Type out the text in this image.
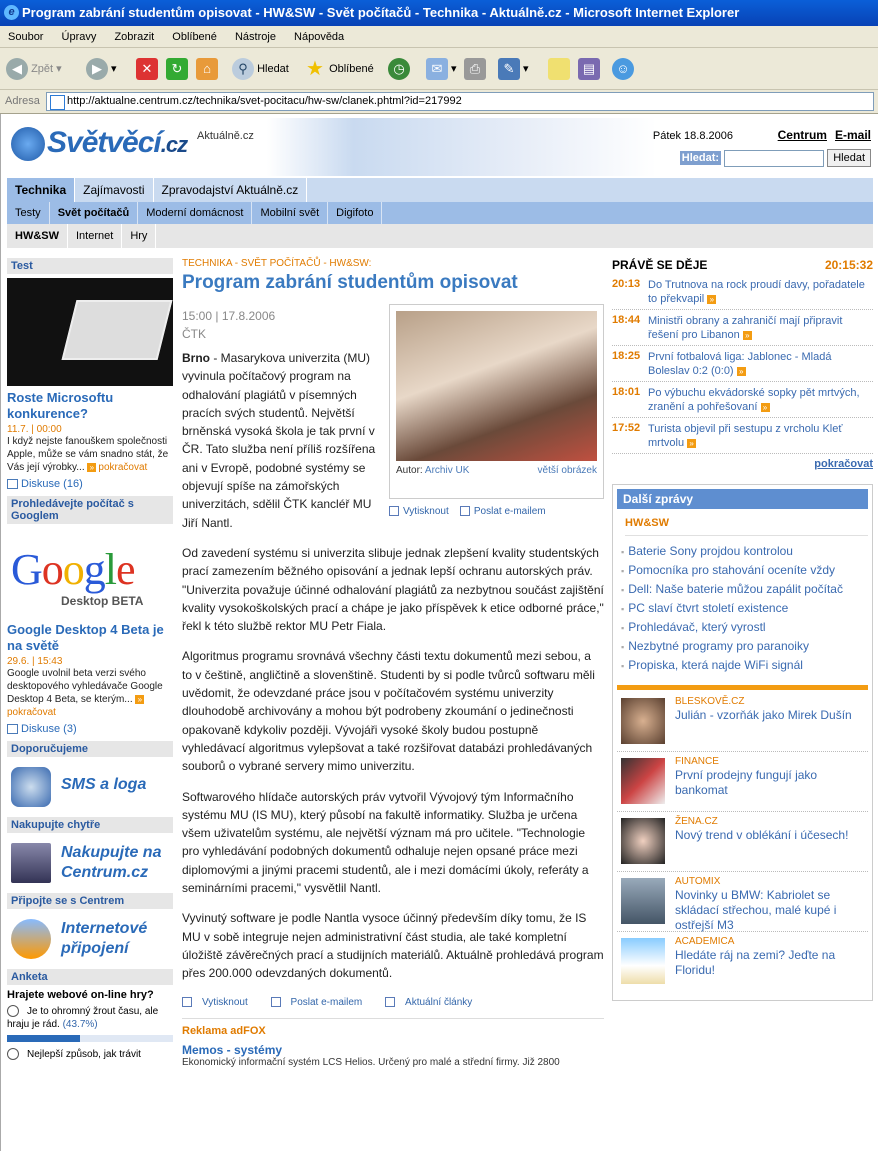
e Program zabrání studentům opisovat - HW&SW - Svět počítačů - Technika - Aktuálně.cz - Microsoft Internet Explorer
Soubor Úpravy Zobrazit Oblíbené Nástroje Nápověda
◀ Zpět ▾	▶ ▾	✕	↻	⌂	⚲ Hledat ★ Oblíbené	◷	✉ ▾	⎙	✎ ▾	▤	☺
Adresa	http://aktualne.centrum.cz/technika/svet-pocitacu/hw-sw/clanek.phtml?id=217992
Světvěcí.cz Aktuálně.cz	Pátek 18.8.2006	Centrum E-mail
Hledat:	Hledat
Technika Zajímavosti Zpravodajství Aktuálně.cz
Testy Svět počítačů Moderní domácnost Mobilní svět Digifoto
HW&SW Internet Hry
Test
Roste Microsoftu konkurence?
11.7. | 00:00
I když nejste fanouškem společnosti Apple, může se vám snadno stát, že Vás její výrobky... » pokračovat
Diskuse (16)
Prohledávejte počítač s Googlem
Google
Desktop BETA
Google Desktop 4 Beta je na světě
29.6. | 15:43
Google uvolnil beta verzi svého desktopového vyhledávače Google Desktop 4 Beta, se kterým... » pokračovat
Diskuse (3)
Doporučujeme
SMS a loga
Nakupujte chytře
Nakupujte na Centrum.cz
Připojte se s Centrem
Internetové připojení
Anketa
Hrajete webové on-line hry?
Je to ohromný žrout času, ale hraju je rád. (43.7%)
Nejlepší způsob, jak trávit
TECHNIKA - SVĚT POČÍTAČŮ - HW&SW:
Program zabrání studentům opisovat
15:00 | 17.8.2006
ČTK
Autor: Archiv UK	větší obrázek
Vytisknout	Poslat e-mailem
Brno - Masarykova univerzita (MU) vyvinula počítačový program na odhalování plagiátů v písemných pracích svých studentů. Největší brněnská vysoká škola je tak první v ČR. Tato služba není příliš rozšířena ani v Evropě, podobné systémy se objevují spíše na zámořských univerzitách, sdělil ČTK kancléř MU Jiří Nantl.
Od zavedení systému si univerzita slibuje jednak zlepšení kvality studentských prací zamezením běžného opisování a jednak lepší ochranu autorských práv. "Univerzita považuje účinné odhalování plagiátů za nezbytnou součást zajištění kvality vysokoškolských prací a chápe je jako příspěvek k etice odborné práce," řekl k této službě rektor MU Petr Fiala.
Algoritmus programu srovnává všechny části textu dokumentů mezi sebou, a to v češtině, angličtině a slovenštině. Studenti by si podle tvůrců softwaru měli uvědomit, že odevzdané práce jsou v počítačovém systému univerzity dlouhodobě archivovány a mohou být podrobeny zkoumání o jedinečnosti opakovaně kdykoliv později. Vývojáři vysoké školy budou postupně vyhledávací algoritmus vylepšovat a také rozšiřovat databázi prohledávaných souborů o vybrané servery mimo univerzitu.
Softwarového hlídače autorských práv vytvořil Vývojový tým Informačního systému MU (IS MU), který působí na fakultě informatiky. Služba je určena všem uživatelům systému, ale největší význam má pro učitele. "Technologie pro vyhledávání podobných dokumentů odhaluje nejen opsané práce mezi diplomovými a jinými pracemi studentů, ale i mezi domácími úkoly, referáty a seminárními pracemi," vysvětlil Nantl.
Vyvinutý software je podle Nantla vysoce účinný především díky tomu, že IS MU v sobě integruje nejen administrativní část studia, ale také kompletní úložiště závěrečných prací a studijních materiálů. Aktuálně prohledává program přes 200.000 odevzdaných dokumentů.
Vytisknout	Poslat e-mailem	Aktuální články
Reklama adFOX
Memos - systémy
Ekonomický informační systém LCS Helios. Určený pro malé a střední firmy. Již 2800
PRÁVĚ SE DĚJE	20:15:32
20:13 Do Trutnova na rock proudí davy, pořadatele to překvapil »
18:44 Ministři obrany a zahraničí mají připravit řešení pro Libanon »
18:25 První fotbalová liga: Jablonec - Mladá Boleslav 0:2 (0:0) »
18:01 Po výbuchu ekvádorské sopky pět mrtvých, zranění a pohřešovaní »
17:52 Turista objevil při sestupu z vrcholu Kleť mrtvolu »
pokračovat
Další zprávy
HW&SW
▪ Baterie Sony projdou kontrolou
▪ Pomocníka pro stahování oceníte vždy
▪ Dell: Naše baterie můžou zapálit počítač
▪ PC slaví čtvrt století existence
▪ Prohledávač, který vyrostl
▪ Nezbytné programy pro paranoiky
▪ Propiska, která najde WiFi signál
BLESKOVĚ.CZ
Julián - vzorňák jako Mirek Dušín
FINANCE
První prodejny fungují jako bankomat
ŽENA.CZ
Nový trend v oblékání i účesech!
AUTOMIX
Novinky u BMW: Kabriolet se skládací střechou, malé kupé i ostřejší M3
ACADEMICA
Hledáte ráj na zemi? Jeďte na Floridu!
